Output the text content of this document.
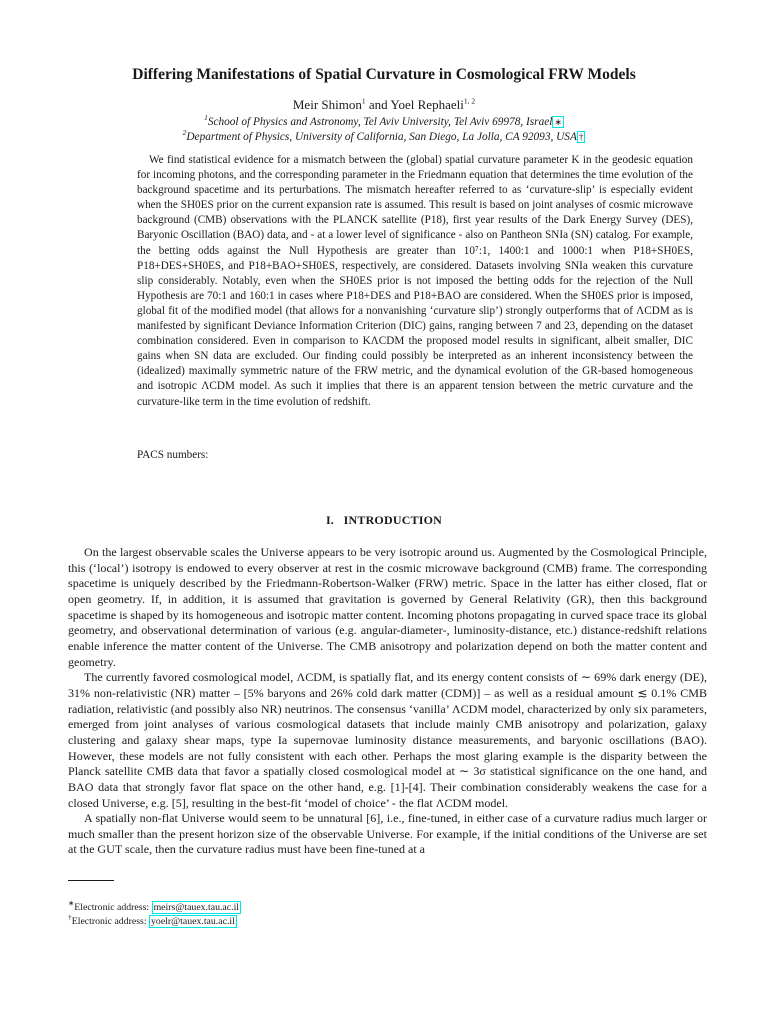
Differing Manifestations of Spatial Curvature in Cosmological FRW Models
Meir Shimon$^1$ and Yoel Rephaeli$^{1, 2}$
$^1$School of Physics and Astronomy, Tel Aviv University, Tel Aviv 69978, Israel ∗
$^2$Department of Physics, University of California, San Diego, La Jolla, CA 92093, USA †
We find statistical evidence for a mismatch between the (global) spatial curvature parameter K in the geodesic equation for incoming photons, and the corresponding parameter in the Friedmann equation that determines the time evolution of the background spacetime and its perturbations. The mismatch hereafter referred to as ‘curvature-slip’ is especially evident when the SH0ES prior on the current expansion rate is assumed. This result is based on joint analyses of cosmic microwave background (CMB) observations with the PLANCK satellite (P18), first year results of the Dark Energy Survey (DES), Baryonic Oscillation (BAO) data, and - at a lower level of significance - also on Pantheon SNIa (SN) catalog. For example, the betting odds against the Null Hypothesis are greater than 10⁷:1, 1400:1 and 1000:1 when P18+SH0ES, P18+DES+SH0ES, and P18+BAO+SH0ES, respectively, are considered. Datasets involving SNIa weaken this curvature slip considerably. Notably, even when the SH0ES prior is not imposed the betting odds for the rejection of the Null Hypothesis are 70:1 and 160:1 in cases where P18+DES and P18+BAO are considered. When the SH0ES prior is imposed, global fit of the modified model (that allows for a nonvanishing ‘curvature slip’) strongly outperforms that of ΛCDM as is manifested by significant Deviance Information Criterion (DIC) gains, ranging between 7 and 23, depending on the dataset combination considered. Even in comparison to KΛCDM the proposed model results in significant, albeit smaller, DIC gains when SN data are excluded. Our finding could possibly be interpreted as an inherent inconsistency between the (idealized) maximally symmetric nature of the FRW metric, and the dynamical evolution of the GR-based homogeneous and isotropic ΛCDM model. As such it implies that there is an apparent tension between the metric curvature and the curvature-like term in the time evolution of redshift.
PACS numbers:
I. INTRODUCTION

On the largest observable scales the Universe appears to be very isotropic around us. Augmented by the Cosmological Principle, this (‘local’) isotropy is endowed to every observer at rest in the cosmic microwave background (CMB) frame. The corresponding spacetime is uniquely described by the Friedmann-Robertson-Walker (FRW) metric. Space in the latter has either closed, flat or open geometry. If, in addition, it is assumed that gravitation is governed by General Relativity (GR), then this background spacetime is shaped by its homogeneous and isotropic matter content. Incoming photons propagating in curved space trace its global geometry, and observational determination of various (e.g. angular-diameter-, luminosity-distance, etc.) distance-redshift relations enable inference the matter content of the Universe. The CMB anisotropy and polarization depend on both the matter content and geometry.

The currently favored cosmological model, ΛCDM, is spatially flat, and its energy content consists of ∼ 69% dark energy (DE), 31% non-relativistic (NR) matter – [5% baryons and 26% cold dark matter (CDM)] – as well as a residual amount ≲ 0.1% CMB radiation, relativistic (and possibly also NR) neutrinos. The consensus ‘vanilla’ ΛCDM model, characterized by only six parameters, emerged from joint analyses of various cosmological datasets that include mainly CMB anisotropy and polarization, galaxy clustering and galaxy shear maps, type Ia supernovae luminosity distance measurements, and baryonic oscillations (BAO). However, these models are not fully consistent with each other. Perhaps the most glaring example is the disparity between the Planck satellite CMB data that favor a spatially closed cosmological model at ∼ 3σ statistical significance on the one hand, and BAO data that strongly favor flat space on the other hand, e.g. [1]-[4]. Their combination considerably weakens the case for a closed Universe, e.g. [5], resulting in the best-fit ‘model of choice’ - the flat ΛCDM model.

A spatially non-flat Universe would seem to be unnatural [6], i.e., fine-tuned, in either case of a curvature radius much larger or much smaller than the present horizon size of the observable Universe. For example, if the initial conditions of the Universe are set at the GUT scale, then the curvature radius must have been fine-tuned at a

∗Electronic address: meirs@tauex.tau.ac.il
†Electronic address: yoelr@tauex.tau.ac.il
